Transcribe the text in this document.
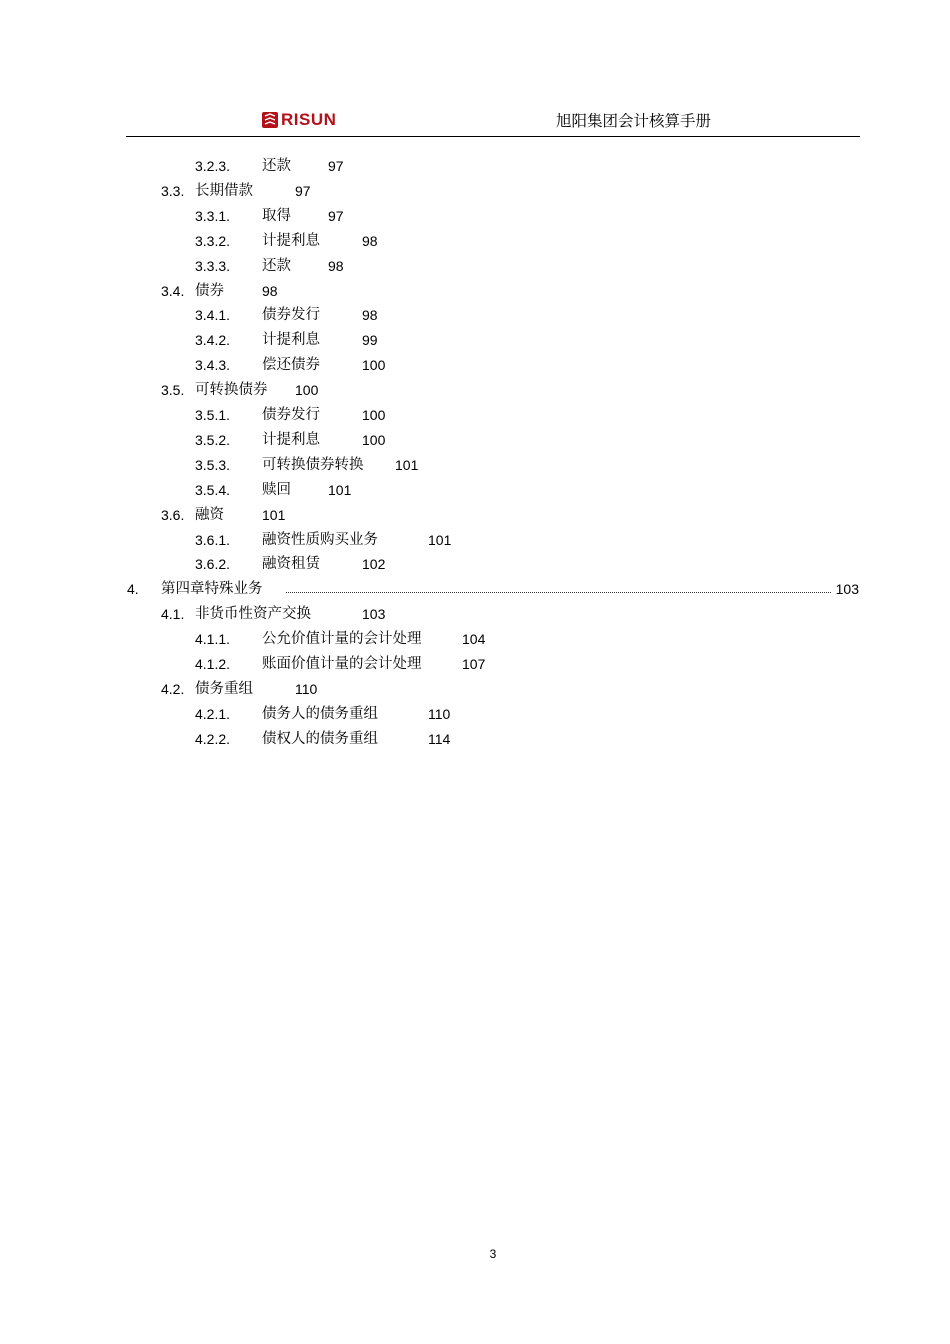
RISUN	旭阳集团会计核算手册
3.2.3. 还款	97
3.3. 长期借款	97
3.3.1. 取得	97
3.3.2. 计提利息	98
3.3.3. 还款	98
3.4. 债券	98
3.4.1. 债券发行	98
3.4.2. 计提利息	99
3.4.3. 偿还债券	100
3.5. 可转换债券 100
3.5.1. 债券发行	100
3.5.2. 计提利息	100
3.5.3. 可转换债券转换 101
3.5.4. 赎回	101
3.6. 融资	101
3.6.1. 融资性质购买业务	101
3.6.2. 融资租赁	102
4. 第四章特殊业务	103
4.1. 非货币性资产交换	103
4.1.1. 公允价值计量的会计处理	104
4.1.2. 账面价值计量的会计处理	107
4.2. 债务重组	110
4.2.1. 债务人的债务重组	110
4.2.2. 债权人的债务重组	114
3
